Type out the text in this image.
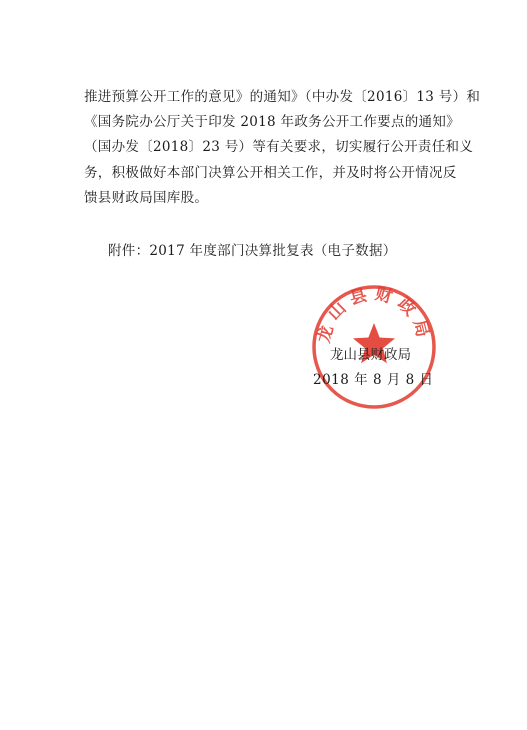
推进预算公开工作的意见》的通知》（中办发〔2016〕13 号）和
《国务院办公厅关于印发 2018 年政务公开工作要点的通知》
（国办发〔2018〕23 号）等有关要求，切实履行公开责任和义
务，积极做好本部门决算公开相关工作，并及时将公开情况反
馈县财政局国库股。
附件：2017 年度部门决算批复表（电子数据）
龙山县财政局
龙山县财政局
2018 年 8 月 8 日
